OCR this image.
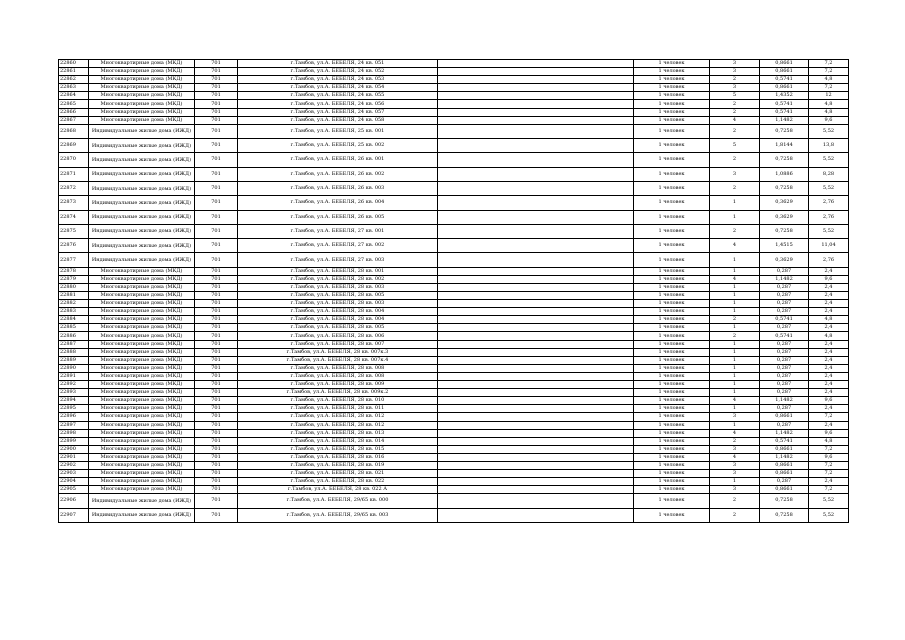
22860	Многоквартирные дома (МКД)	701	г.Тамбов, ул.А. БЕБЕЛЯ, 24 кв. 051		1 человек	3	0,8661	7,2
22861	Многоквартирные дома (МКД)	701	г.Тамбов, ул.А. БЕБЕЛЯ, 24 кв. 052		1 человек	3	0,8661	7,2
22862	Многоквартирные дома (МКД)	701	г.Тамбов, ул.А. БЕБЕЛЯ, 24 кв. 053		1 человек	2	0,5741	4,8
22863	Многоквартирные дома (МКД)	701	г.Тамбов, ул.А. БЕБЕЛЯ, 24 кв. 054		1 человек	3	0,8661	7,2
22864	Многоквартирные дома (МКД)	701	г.Тамбов, ул.А. БЕБЕЛЯ, 24 кв. 055		1 человек	5	1,4352	12
22865	Многоквартирные дома (МКД)	701	г.Тамбов, ул.А. БЕБЕЛЯ, 24 кв. 056		1 человек	2	0,5741	4,8
22866	Многоквартирные дома (МКД)	701	г.Тамбов, ул.А. БЕБЕЛЯ, 24 кв. 057		1 человек	2	0,5741	4,8
22867	Многоквартирные дома (МКД)	701	г.Тамбов, ул.А. БЕБЕЛЯ, 24 кв. 058		1 человек	4	1,1482	9,6
22868	Индивидуальные жилые дома (ИЖД)	701	г.Тамбов, ул.А. БЕБЕЛЯ, 25 кв. 001		1 человек	2	0,7258	5,52
22869	Индивидуальные жилые дома (ИЖД)	701	г.Тамбов, ул.А. БЕБЕЛЯ, 25 кв. 002		1 человек	5	1,8144	13,8
22870	Индивидуальные жилые дома (ИЖД)	701	г.Тамбов, ул.А. БЕБЕЛЯ, 26 кв. 001		1 человек	2	0,7258	5,52
22871	Индивидуальные жилые дома (ИЖД)	701	г.Тамбов, ул.А. БЕБЕЛЯ, 26 кв. 002		1 человек	3	1,0886	8,28
22872	Индивидуальные жилые дома (ИЖД)	701	г.Тамбов, ул.А. БЕБЕЛЯ, 26 кв. 003		1 человек	2	0,7258	5,52
22873	Индивидуальные жилые дома (ИЖД)	701	г.Тамбов, ул.А. БЕБЕЛЯ, 26 кв. 004		1 человек	1	0,3629	2,76
22874	Индивидуальные жилые дома (ИЖД)	701	г.Тамбов, ул.А. БЕБЕЛЯ, 26 кв. 005		1 человек	1	0,3629	2,76
22875	Индивидуальные жилые дома (ИЖД)	701	г.Тамбов, ул.А. БЕБЕЛЯ, 27 кв. 001		1 человек	2	0,7258	5,52
22876	Индивидуальные жилые дома (ИЖД)	701	г.Тамбов, ул.А. БЕБЕЛЯ, 27 кв. 002		1 человек	4	1,4515	11,04
22877	Индивидуальные жилые дома (ИЖД)	701	г.Тамбов, ул.А. БЕБЕЛЯ, 27 кв. 003		1 человек	1	0,3629	2,76
22878	Многоквартирные дома (МКД)	701	г.Тамбов, ул.А. БЕБЕЛЯ, 28 кв. 001		1 человек	1	0,287	2,4
22879	Многоквартирные дома (МКД)	701	г.Тамбов, ул.А. БЕБЕЛЯ, 28 кв. 002		1 человек	4	1,1482	9,6
22880	Многоквартирные дома (МКД)	701	г.Тамбов, ул.А. БЕБЕЛЯ, 28 кв. 003		1 человек	1	0,287	2,4
22881	Многоквартирные дома (МКД)	701	г.Тамбов, ул.А. БЕБЕЛЯ, 28 кв. 005		1 человек	1	0,287	2,4
22882	Многоквартирные дома (МКД)	701	г.Тамбов, ул.А. БЕБЕЛЯ, 28 кв. 003		1 человек	1	0,287	2,4
22883	Многоквартирные дома (МКД)	701	г.Тамбов, ул.А. БЕБЕЛЯ, 28 кв. 004		1 человек	1	0,287	2,4
22884	Многоквартирные дома (МКД)	701	г.Тамбов, ул.А. БЕБЕЛЯ, 28 кв. 004		1 человек	2	0,5741	4,8
22885	Многоквартирные дома (МКД)	701	г.Тамбов, ул.А. БЕБЕЛЯ, 28 кв. 005		1 человек	1	0,287	2,4
22886	Многоквартирные дома (МКД)	701	г.Тамбов, ул.А. БЕБЕЛЯ, 28 кв. 006		1 человек	2	0,5741	4,8
22887	Многоквартирные дома (МКД)	701	г.Тамбов, ул.А. БЕБЕЛЯ, 28 кв. 007		1 человек	1	0,287	2,4
22888	Многоквартирные дома (МКД)	701	г.Тамбов, ул.А. БЕБЕЛЯ, 28 кв. 007к.3		1 человек	1	0,287	2,4
22889	Многоквартирные дома (МКД)	701	г.Тамбов, ул.А. БЕБЕЛЯ, 28 кв. 007к.4		1 человек	1	0,287	2,4
22890	Многоквартирные дома (МКД)	701	г.Тамбов, ул.А. БЕБЕЛЯ, 28 кв. 008		1 человек	1	0,287	2,4
22891	Многоквартирные дома (МКД)	701	г.Тамбов, ул.А. БЕБЕЛЯ, 28 кв. 008		1 человек	1	0,287	2,4
22892	Многоквартирные дома (МКД)	701	г.Тамбов, ул.А. БЕБЕЛЯ, 28 кв. 009		1 человек	1	0,287	2,4
22893	Многоквартирные дома (МКД)	701	г.Тамбов, ул.А. БЕБЕЛЯ, 28 кв. 009к.2		1 человек	1	0,287	2,4
22894	Многоквартирные дома (МКД)	701	г.Тамбов, ул.А. БЕБЕЛЯ, 28 кв. 010		1 человек	4	1,1482	9,6
22895	Многоквартирные дома (МКД)	701	г.Тамбов, ул.А. БЕБЕЛЯ, 28 кв. 011		1 человек	1	0,287	2,4
22896	Многоквартирные дома (МКД)	701	г.Тамбов, ул.А. БЕБЕЛЯ, 28 кв. 012		1 человек	3	0,8661	7,2
22897	Многоквартирные дома (МКД)	701	г.Тамбов, ул.А. БЕБЕЛЯ, 28 кв. 012		1 человек	1	0,287	2,4
22898	Многоквартирные дома (МКД)	701	г.Тамбов, ул.А. БЕБЕЛЯ, 28 кв. 013		1 человек	4	1,1482	9,6
22899	Многоквартирные дома (МКД)	701	г.Тамбов, ул.А. БЕБЕЛЯ, 28 кв. 014		1 человек	2	0,5741	4,8
22900	Многоквартирные дома (МКД)	701	г.Тамбов, ул.А. БЕБЕЛЯ, 28 кв. 015		1 человек	3	0,8661	7,2
22901	Многоквартирные дома (МКД)	701	г.Тамбов, ул.А. БЕБЕЛЯ, 28 кв. 016		1 человек	4	1,1482	9,6
22902	Многоквартирные дома (МКД)	701	г.Тамбов, ул.А. БЕБЕЛЯ, 28 кв. 019		1 человек	3	0,8661	7,2
22903	Многоквартирные дома (МКД)	701	г.Тамбов, ул.А. БЕБЕЛЯ, 28 кв. 021		1 человек	3	0,8661	7,2
22904	Многоквартирные дома (МКД)	701	г.Тамбов, ул.А. БЕБЕЛЯ, 28 кв. 022		1 человек	1	0,287	2,4
22905	Многоквартирные дома (МКД)	701	г.Тамбов, ул.А. БЕБЕЛЯ, 28 кв. 022 А		1 человек	3	0,8661	7,2
22906	Индивидуальные жилые дома (ИЖД)	701	г.Тамбов, ул.А. БЕБЕЛЯ, 29/65 кв. 000		1 человек	2	0,7258	5,52
22907	Индивидуальные жилые дома (ИЖД)	701	г.Тамбов, ул.А. БЕБЕЛЯ, 29/65 кв. 003		1 человек	2	0,7258	5,52
